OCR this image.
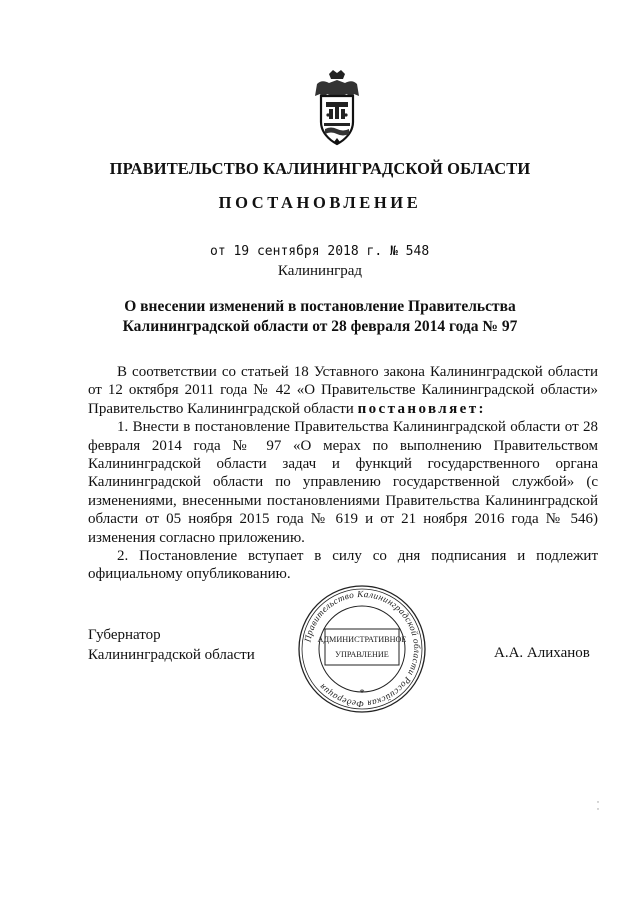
ПРАВИТЕЛЬСТВО КАЛИНИНГРАДСКОЙ ОБЛАСТИ
ПОСТАНОВЛЕНИЕ
от 19 сентября 2018 г. № 548
Калининград
О внесении изменений в постановление Правительства
Калининградской области от 28 февраля 2014 года № 97

В соответствии со статьей 18 Уставного закона Калининградской области от 12 октября 2011 года № 42 «О Правительстве Калининградской области» Правительство Калининградской области постановляет:

1. Внести в постановление Правительства Калининградской области от 28 февраля 2014 года № 97 «О мерах по выполнению Правительством Калининградской области задач и функций государственного органа Калининградской области по управлению государственной службой» (с изменениями, внесенными постановлениями Правительства Калининградской области от 05 ноября 2015 года № 619 и от 21 ноября 2016 года № 546) изменения согласно приложению.

2. Постановление вступает в силу со дня подписания и подлежит официальному опубликованию.

Губернатор
Калининградской области	А.А. Алиханов
Правительство Калининградской области Российская Федерация
АДМИНИСТРАТИВНОЕ
УПРАВЛЕНИЕ
*
